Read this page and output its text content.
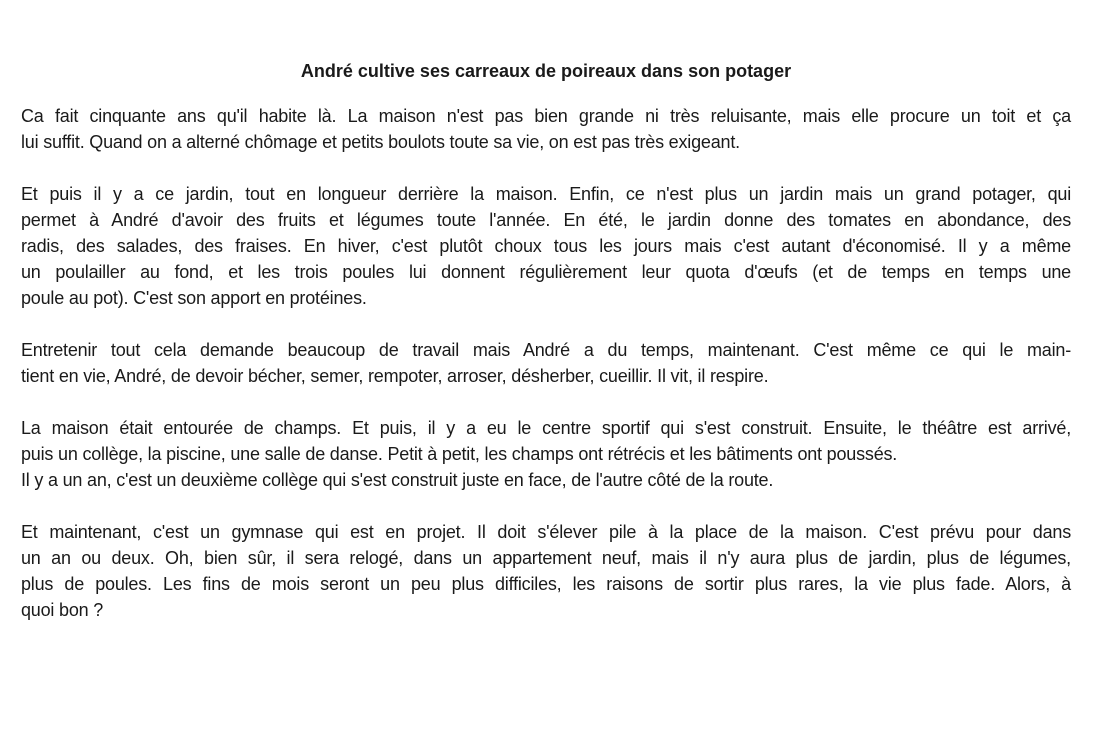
André cultive ses carreaux de poireaux dans son potager
Ca fait cinquante ans qu'il habite là. La maison n'est pas bien grande ni très reluisante, mais elle procure un toit et ça
lui suffit. Quand on a alterné chômage et petits boulots toute sa vie, on est pas très exigeant.
Et puis il y a ce jardin, tout en longueur derrière la maison. Enfin, ce n'est plus un jardin mais un grand potager, qui
permet à André d'avoir des fruits et légumes toute l'année. En été, le jardin donne des tomates en abondance, des
radis, des salades, des fraises. En hiver, c'est plutôt choux tous les jours mais c'est autant d'économisé. Il y a même
un poulailler au fond, et les trois poules lui donnent régulièrement leur quota d'œufs (et de temps en temps une
poule au pot). C'est son apport en protéines.
Entretenir tout cela demande beaucoup de travail mais André a du temps, maintenant. C'est même ce qui le main-
tient en vie, André, de devoir bécher, semer, rempoter, arroser, désherber, cueillir. Il vit, il respire.
La maison était entourée de champs. Et puis, il y a eu le centre sportif qui s'est construit. Ensuite, le théâtre est arrivé,
puis un collège, la piscine, une salle de danse. Petit à petit, les champs ont rétrécis et les bâtiments ont poussés.
Il y a un an, c'est un deuxième collège qui s'est construit juste en face, de l'autre côté de la route.
Et maintenant, c'est un gymnase qui est en projet. Il doit s'élever pile à la place de la maison. C'est prévu pour dans
un an ou deux. Oh, bien sûr, il sera relogé, dans un appartement neuf, mais il n'y aura plus de jardin, plus de légumes,
plus de poules. Les fins de mois seront un peu plus difficiles, les raisons de sortir plus rares, la vie plus fade. Alors, à
quoi bon ?
